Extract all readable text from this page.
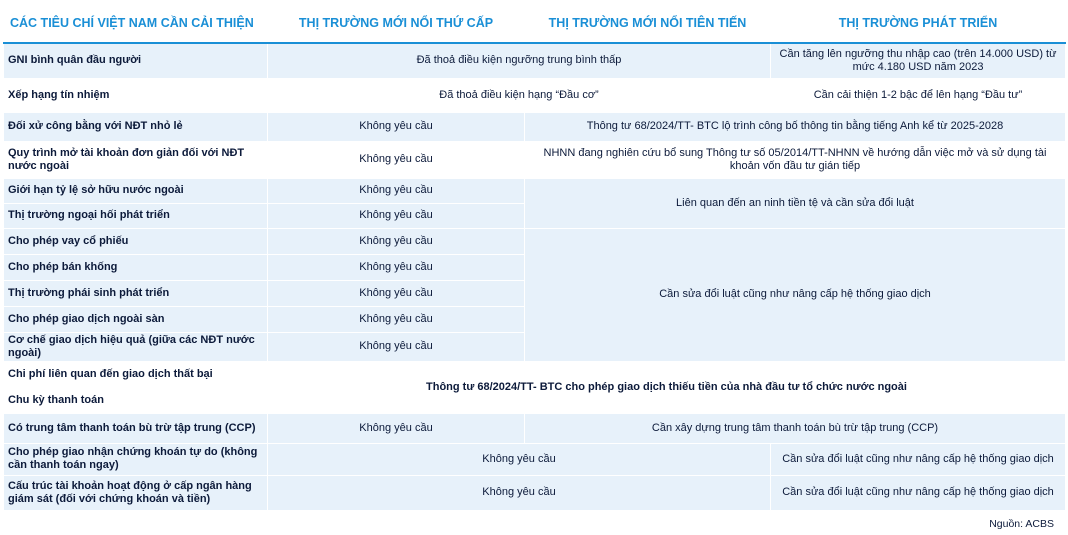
CÁC TIÊU CHÍ VIỆT NAM CẦN CẢI THIỆN	THỊ TRƯỜNG MỚI NỔI THỨ CẤP	THỊ TRƯỜNG MỚI NỔI TIÊN TIẾN	THỊ TRƯỜNG PHÁT TRIỂN
GNI bình quân đầu người	Đã thoả điều kiện ngưỡng trung bình thấp		Cần tăng lên ngưỡng thu nhập cao (trên 14.000 USD) từ mức 4.180 USD năm 2023
Xếp hạng tín nhiệm	Đã thoả điều kiện hạng “Đầu cơ”		Cần cải thiện 1-2 bậc để lên hạng “Đầu tư”
Đối xử công bằng với NĐT nhỏ lẻ	Không yêu cầu	Thông tư 68/2024/TT- BTC lộ trình công bố thông tin bằng tiếng Anh kể từ 2025-2028	
Quy trình mở tài khoản đơn giản đối với NĐT nước ngoài	Không yêu cầu	NHNN đang nghiên cứu bổ sung Thông tư số 05/2014/TT-NHNN về hướng dẫn việc mở và sử dụng tài khoản vốn đầu tư gián tiếp	
Giới hạn tỷ lệ sở hữu nước ngoài	Không yêu cầu	Liên quan đến an ninh tiền tệ và cần sửa đổi luật	
Thị trường ngoại hối phát triển	Không yêu cầu		
Cho phép vay cổ phiếu	Không yêu cầu	Cần sửa đổi luật cũng như nâng cấp hệ thống giao dịch	
Cho phép bán khống	Không yêu cầu		
Thị trường phái sinh phát triển	Không yêu cầu		
Cho phép giao dịch ngoài sàn	Không yêu cầu		
Cơ chế giao dịch hiệu quả (giữa các NĐT nước ngoài)	Không yêu cầu		
Chi phí liên quan đến giao dịch thất bại	Thông tư 68/2024/TT- BTC cho phép giao dịch thiếu tiền của nhà đầu tư tổ chức nước ngoài		
Chu kỳ thanh toán			
Có trung tâm thanh toán bù trừ tập trung (CCP)	Không yêu cầu	Cần xây dựng trung tâm thanh toán bù trừ tập trung (CCP)	
Cho phép giao nhận chứng khoán tự do (không cần thanh toán ngay)	Không yêu cầu		Cần sửa đổi luật cũng như nâng cấp hệ thống giao dịch
Cấu trúc tài khoản hoạt động ở cấp ngân hàng giám sát (đối với chứng khoán và tiền)	Không yêu cầu		Cần sửa đổi luật cũng như nâng cấp hệ thống giao dịch
Nguồn: ACBS
